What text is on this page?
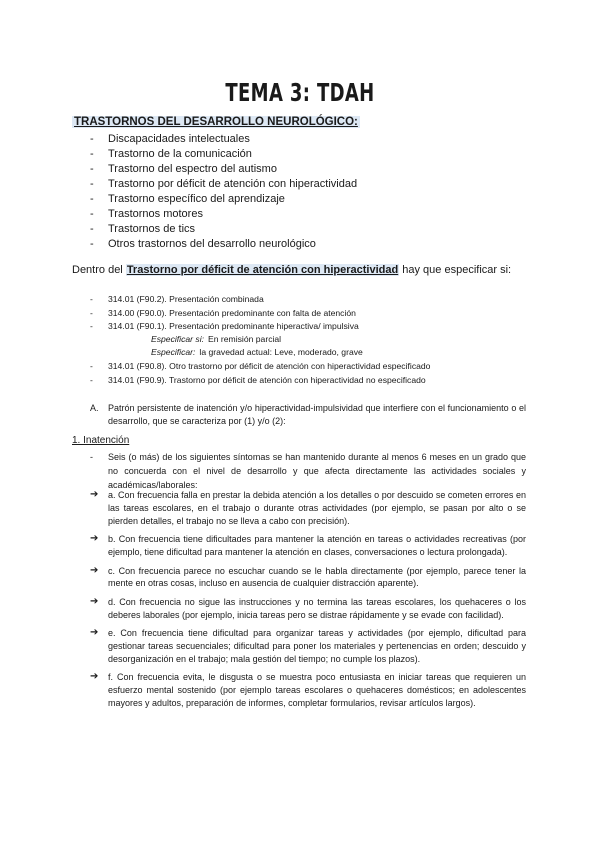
TEMA 3: TDAH
TRASTORNOS DEL DESARROLLO NEUROLÓGICO:
- Discapacidades intelectuales
- Trastorno de la comunicación
- Trastorno del espectro del autismo
- Trastorno por déficit de atención con hiperactividad
- Trastorno específico del aprendizaje
- Trastornos motores
- Trastornos de tics
- Otros trastornos del desarrollo neurológico
Dentro del Trastorno por déficit de atención con hiperactividad hay que especificar si:
- 314.01 (F90.2). Presentación combinada
- 314.00 (F90.0). Presentación predominante con falta de atención
- 314.01 (F90.1). Presentación predominante hiperactiva/ impulsiva
Especificar si: En remisión parcial
Especificar: la gravedad actual: Leve, moderado, grave
- 314.01 (F90.8). Otro trastorno por déficit de atención con hiperactividad especificado
- 314.01 (F90.9). Trastorno por déficit de atención con hiperactividad no especificado
A.	Patrón persistente de inatención y/o hiperactividad-impulsividad que interfiere con el funcionamiento o el desarrollo, que se caracteriza por (1) y/o (2):
1. Inatención
-	Seis (o más) de los siguientes síntomas se han mantenido durante al menos 6 meses en un grado que no concuerda con el nivel de desarrollo y que afecta directamente las actividades sociales y académicas/laborales:
➔ a. Con frecuencia falla en prestar la debida atención a los detalles o por descuido se cometen errores en las tareas escolares, en el trabajo o durante otras actividades (por ejemplo, se pasan por alto o se pierden detalles, el trabajo no se lleva a cabo con precisión).
➔ b. Con frecuencia tiene dificultades para mantener la atención en tareas o actividades recreativas (por ejemplo, tiene dificultad para mantener la atención en clases, conversaciones o lectura prolongada).
➔ c. Con frecuencia parece no escuchar cuando se le habla directamente (por ejemplo, parece tener la mente en otras cosas, incluso en ausencia de cualquier distracción aparente).
➔ d. Con frecuencia no sigue las instrucciones y no termina las tareas escolares, los quehaceres o los deberes laborales (por ejemplo, inicia tareas pero se distrae rápidamente y se evade con facilidad).
➔ e. Con frecuencia tiene dificultad para organizar tareas y actividades (por ejemplo, dificultad para gestionar tareas secuenciales; dificultad para poner los materiales y pertenencias en orden; descuido y desorganización en el trabajo; mala gestión del tiempo; no cumple los plazos).
➔ f. Con frecuencia evita, le disgusta o se muestra poco entusiasta en iniciar tareas que requieren un esfuerzo mental sostenido (por ejemplo tareas escolares o quehaceres domésticos; en adolescentes mayores y adultos, preparación de informes, completar formularios, revisar artículos largos).
